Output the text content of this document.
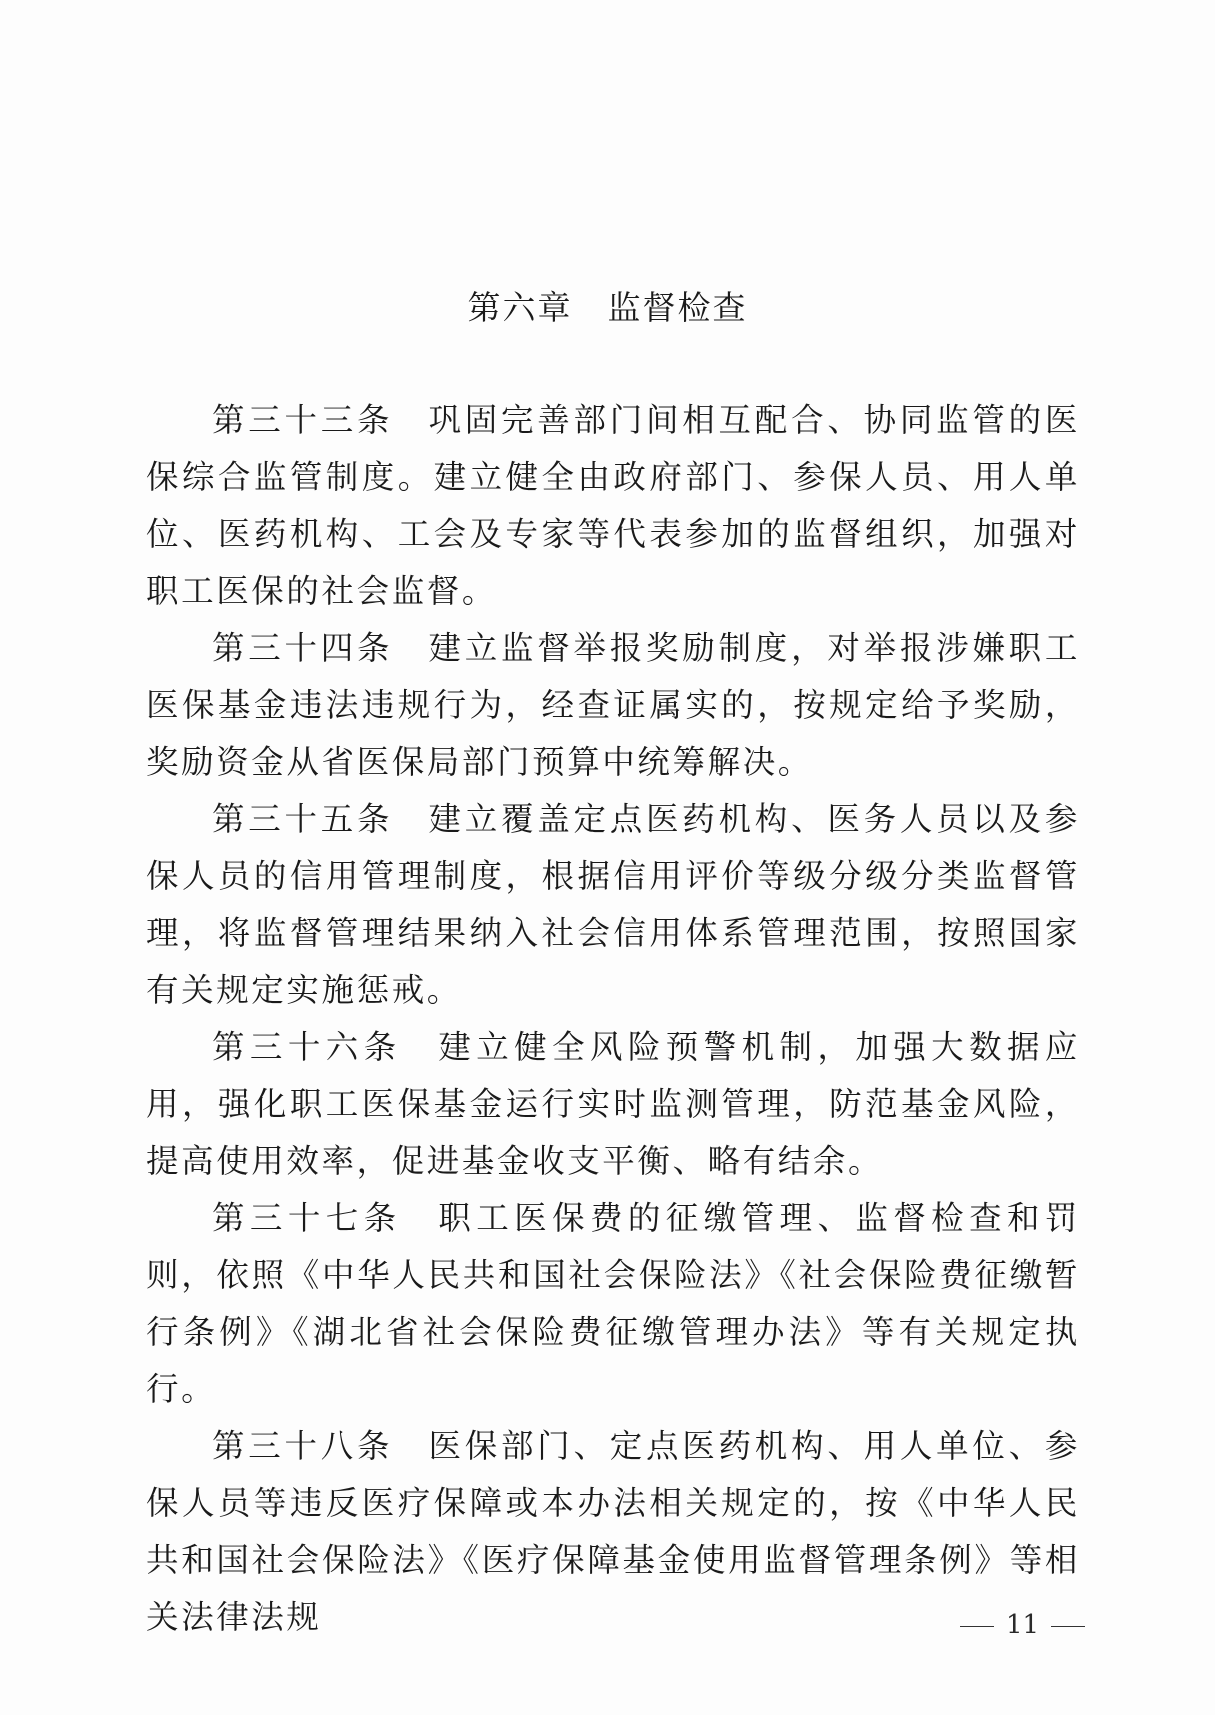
第六章　监督检查

第三十三条 巩固完善部门间相互配合、协同监管的医保综合监管制度。建立健全由政府部门、参保人员、用人单位、医药机构、工会及专家等代表参加的监督组织，加强对职工医保的社会监督。

第三十四条 建立监督举报奖励制度，对举报涉嫌职工医保基金违法违规行为，经查证属实的，按规定给予奖励，奖励资金从省医保局部门预算中统筹解决。

第三十五条 建立覆盖定点医药机构、医务人员以及参保人员的信用管理制度，根据信用评价等级分级分类监督管理，将监督管理结果纳入社会信用体系管理范围，按照国家有关规定实施惩戒。

第三十六条 建立健全风险预警机制，加强大数据应用，强化职工医保基金运行实时监测管理，防范基金风险，提高使用效率，促进基金收支平衡、略有结余。

第三十七条 职工医保费的征缴管理、监督检查和罚则，依照《中华人民共和国社会保险法》《社会保险费征缴暂行条例》《湖北省社会保险费征缴管理办法》等有关规定执行。

第三十八条 医保部门、定点医药机构、用人单位、参保人员等违反医疗保障或本办法相关规定的，按《中华人民共和国社会保险法》《医疗保障基金使用监督管理条例》等相关法律法规	11
